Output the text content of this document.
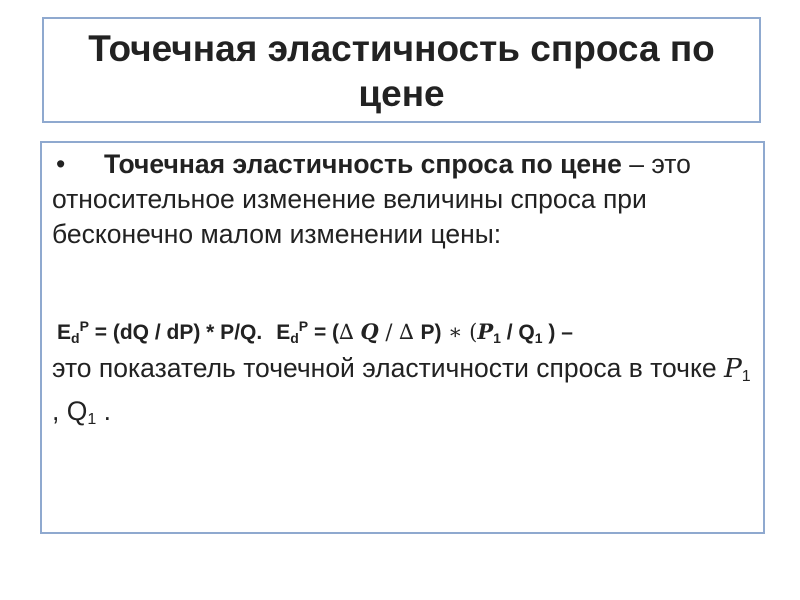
Точечная эластичность спроса по цене
• Точечная эластичность спроса по цене – это относительное изменение величины спроса при бесконечно малом изменении цены:
$E_d^P = (dQ / dP) * P/Q$. $E_d^P$ = (∆ 𝑸 / ∆ P) ∗ (𝑷$_1$ / $Q_1$ ) –
это показатель точечной эластичности спроса в точке 𝑃$_1$ , $Q_1$ .
